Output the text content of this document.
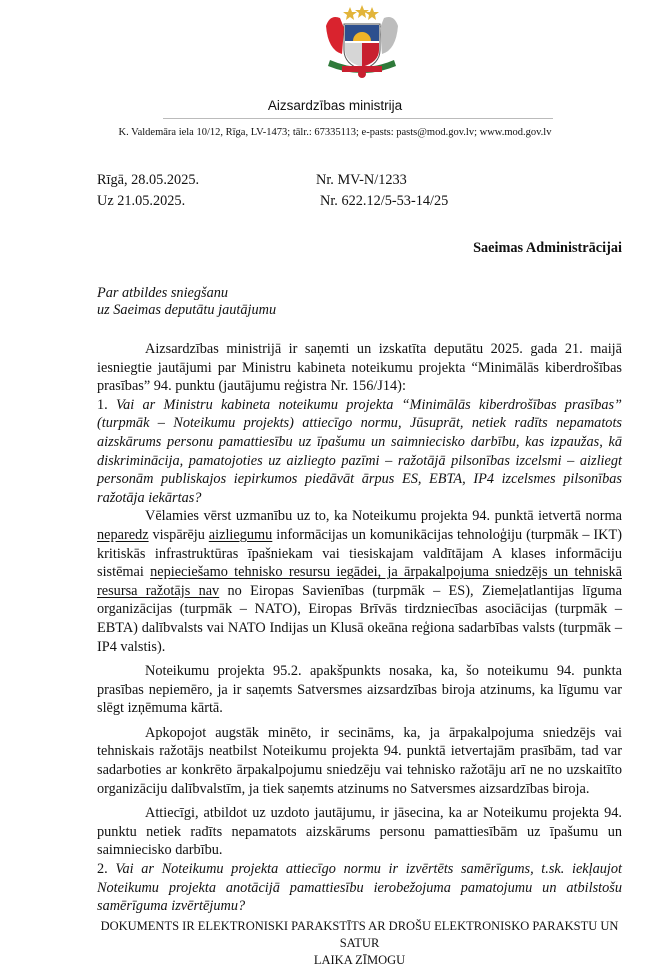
Aizsardzības ministrija
K. Valdemāra iela 10/12, Rīga, LV-1473; tālr.: 67335113; e-pasts: pasts@mod.gov.lv; www.mod.gov.lv
Rīgā, 28.05.2025.	Nr. MV-N/1233
Uz 21.05.2025.	Nr. 622.12/5-53-14/25
Saeimas Administrācijai
Par atbildes sniegšanu
uz Saeimas deputātu jautājumu

Aizsardzības ministrijā ir saņemti un izskatīta deputātu 2025. gada 21. maijā iesniegtie jautājumi par Ministru kabineta noteikumu projekta “Minimālās kiberdrošības prasības” 94. punktu (jautājumu reģistra Nr. 156/J14):

1. Vai ar Ministru kabineta noteikumu projekta “Minimālās kiberdrošības prasības” (turpmāk – Noteikumu projekts) attiecīgo normu, Jūsuprāt, netiek radīts nepamatots aizskārums personu pamattiesību uz īpašumu un saimniecisko darbību, kas izpaužas, kā diskriminācija, pamatojoties uz aizliegto pazīmi – ražotājā pilsonības izcelsmi – aizliegt personām publiskajos iepirkumos piedāvāt ārpus ES, EBTA, IP4 izcelsmes pilsonības ražotāja iekārtas?

Vēlamies vērst uzmanību uz to, ka Noteikumu projekta 94. punktā ietvertā norma neparedz vispārēju aizliegumu informācijas un komunikācijas tehnoloģiju (turpmāk – IKT) kritiskās infrastruktūras īpašniekam vai tiesiskajam valdītājam A klases informāciju sistēmai nepieciešamo tehnisko resursu iegādei, ja ārpakalpojuma sniedzējs un tehniskā resursa ražotājs nav no Eiropas Savienības (turpmāk – ES), Ziemeļatlantijas līguma organizācijas (turpmāk – NATO), Eiropas Brīvās tirdzniecības asociācijas (turpmāk – EBTA) dalībvalsts vai NATO Indijas un Klusā okeāna reģiona sadarbības valsts (turpmāk – IP4 valstis).

Noteikumu projekta 95.2. apakšpunkts nosaka, ka, šo noteikumu 94. punkta prasības nepiemēro, ja ir saņemts Satversmes aizsardzības biroja atzinums, ka līgumu var slēgt izņēmuma kārtā.

Apkopojot augstāk minēto, ir secināms, ka, ja ārpakalpojuma sniedzējs vai tehniskais ražotājs neatbilst Noteikumu projekta 94. punktā ietvertajām prasībām, tad var sadarboties ar konkrēto ārpakalpojumu sniedzēju vai tehnisko ražotāju arī ne no uzskaitīto organizāciju dalībvalstīm, ja tiek saņemts atzinums no Satversmes aizsardzības biroja.

Attiecīgi, atbildot uz uzdoto jautājumu, ir jāsecina, ka ar Noteikumu projekta 94. punktu netiek radīts nepamatots aizskārums personu pamattiesībām uz īpašumu un saimniecisko darbību.

2. Vai ar Noteikumu projekta attiecīgo normu ir izvērtēts samērīgums, t.sk. iekļaujot Noteikumu projekta anotācijā pamattiesību ierobežojuma pamatojumu un atbilstošu samērīguma izvērtējumu?

DOKUMENTS IR ELEKTRONISKI PARAKSTĪTS AR DROŠU ELEKTRONISKO PARAKSTU UN SATUR
LAIKA ZĪMOGU
